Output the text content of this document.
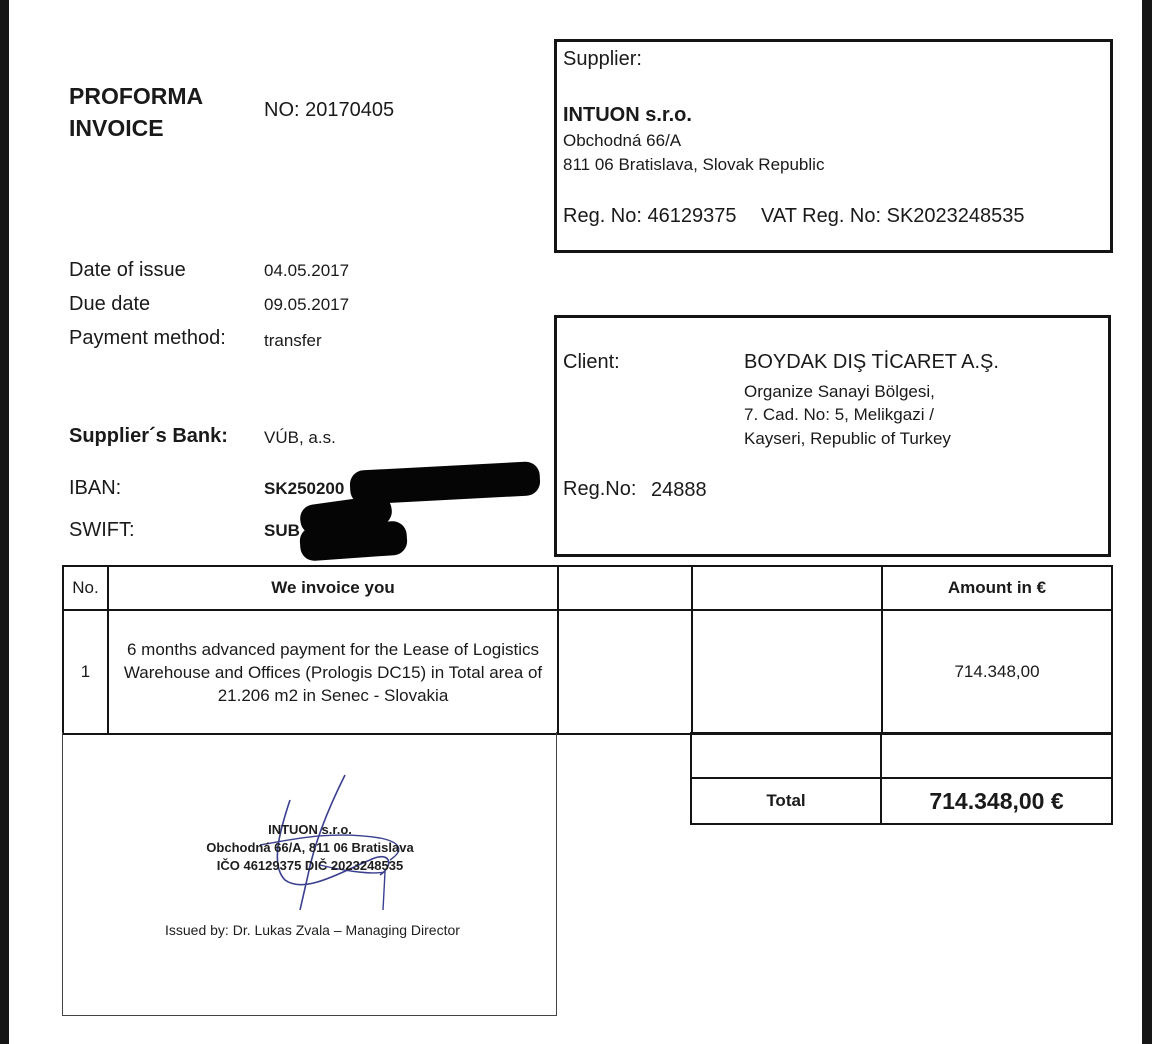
PROFORMA
INVOICE
NO: 20170405
Supplier:
INTUON s.r.o.
Obchodná 66/A
811 06 Bratislava, Slovak Republic
Reg. No: 46129375 VAT Reg. No: SK2023248535
Date of issue	04.05.2017
Due date	09.05.2017
Payment method: transfer
Supplier´s Bank: VÚB, a.s.
IBAN:	SK250200
SWIFT:	SUB
Client:	BOYDAK DIŞ TİCARET A.Ş.
Organize Sanayi Bölgesi,
7. Cad. No: 5, Melikgazi /
Kayseri, Republic of Turkey
Reg.No: 24888
No.	We invoice you			Amount in €
1	6 months advanced payment for the Lease of Logistics
Warehouse and Offices (Prologis DC15) in Total area of
21.206 m2 in Senec - Slovakia			714.348,00

Total	714.348,00 €
INTUON s.r.o.
Obchodná 66/A, 811 06 Bratislava
IČO 46129375 DIČ 2023248535
Issued by: Dr. Lukas Zvala – Managing Director
